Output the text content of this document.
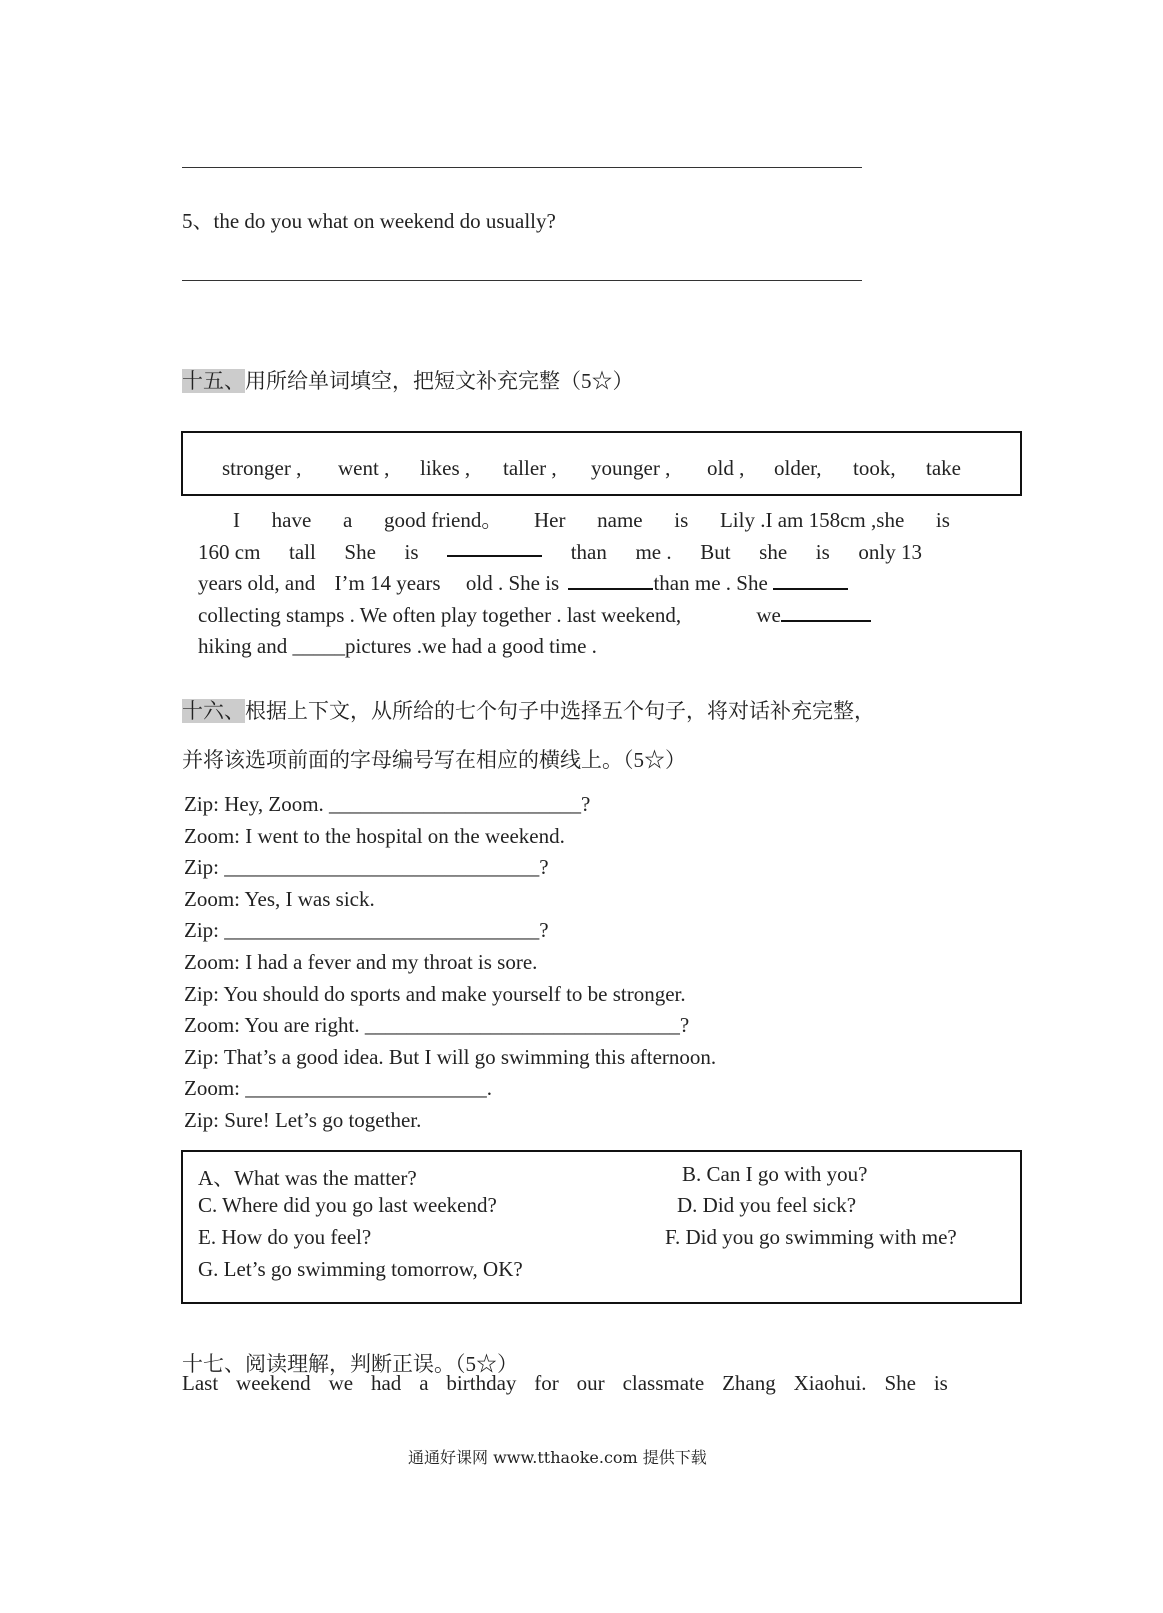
5、the do you what on weekend do usually?
十五、用所给单词填空，把短文补充完整（5☆）
stronger , went , likes , taller , younger , old , older, took, take
I have a good friend。 Her name is Lily .I am 158cm ,she is
160 cm tall She is	than me . But she is only 13
years old, and I’m 14 years old . She is	than me . She
collecting stamps . We often play together . last weekend,	we
hiking and _____pictures .we had a good time .
十六、根据上下文，从所给的七个句子中选择五个句子，将对话补充完整，
并将该选项前面的字母编号写在相应的横线上。（5☆）
Zip: Hey, Zoom. ________________________?
Zoom: I went to the hospital on the weekend.
Zip: ______________________________?
Zoom: Yes, I was sick.
Zip: ______________________________?
Zoom: I had a fever and my throat is sore.
Zip: You should do sports and make yourself to be stronger.
Zoom: You are right. ______________________________?
Zip: That’s a good idea. But I will go swimming this afternoon.
Zoom: _______________________.
Zip: Sure! Let’s go together.
A、What was the matter?	B. Can I go with you?
C. Where did you go last weekend?	D. Did you feel sick?
E. How do you feel?	F. Did you go swimming with me?
G. Let’s go swimming tomorrow, OK?
十七、阅读理解，判断正误。（5☆）
Last weekend we had a birthday for our classmate Zhang Xiaohui. She is
通通好课网 www.tthaoke.com 提供下载
